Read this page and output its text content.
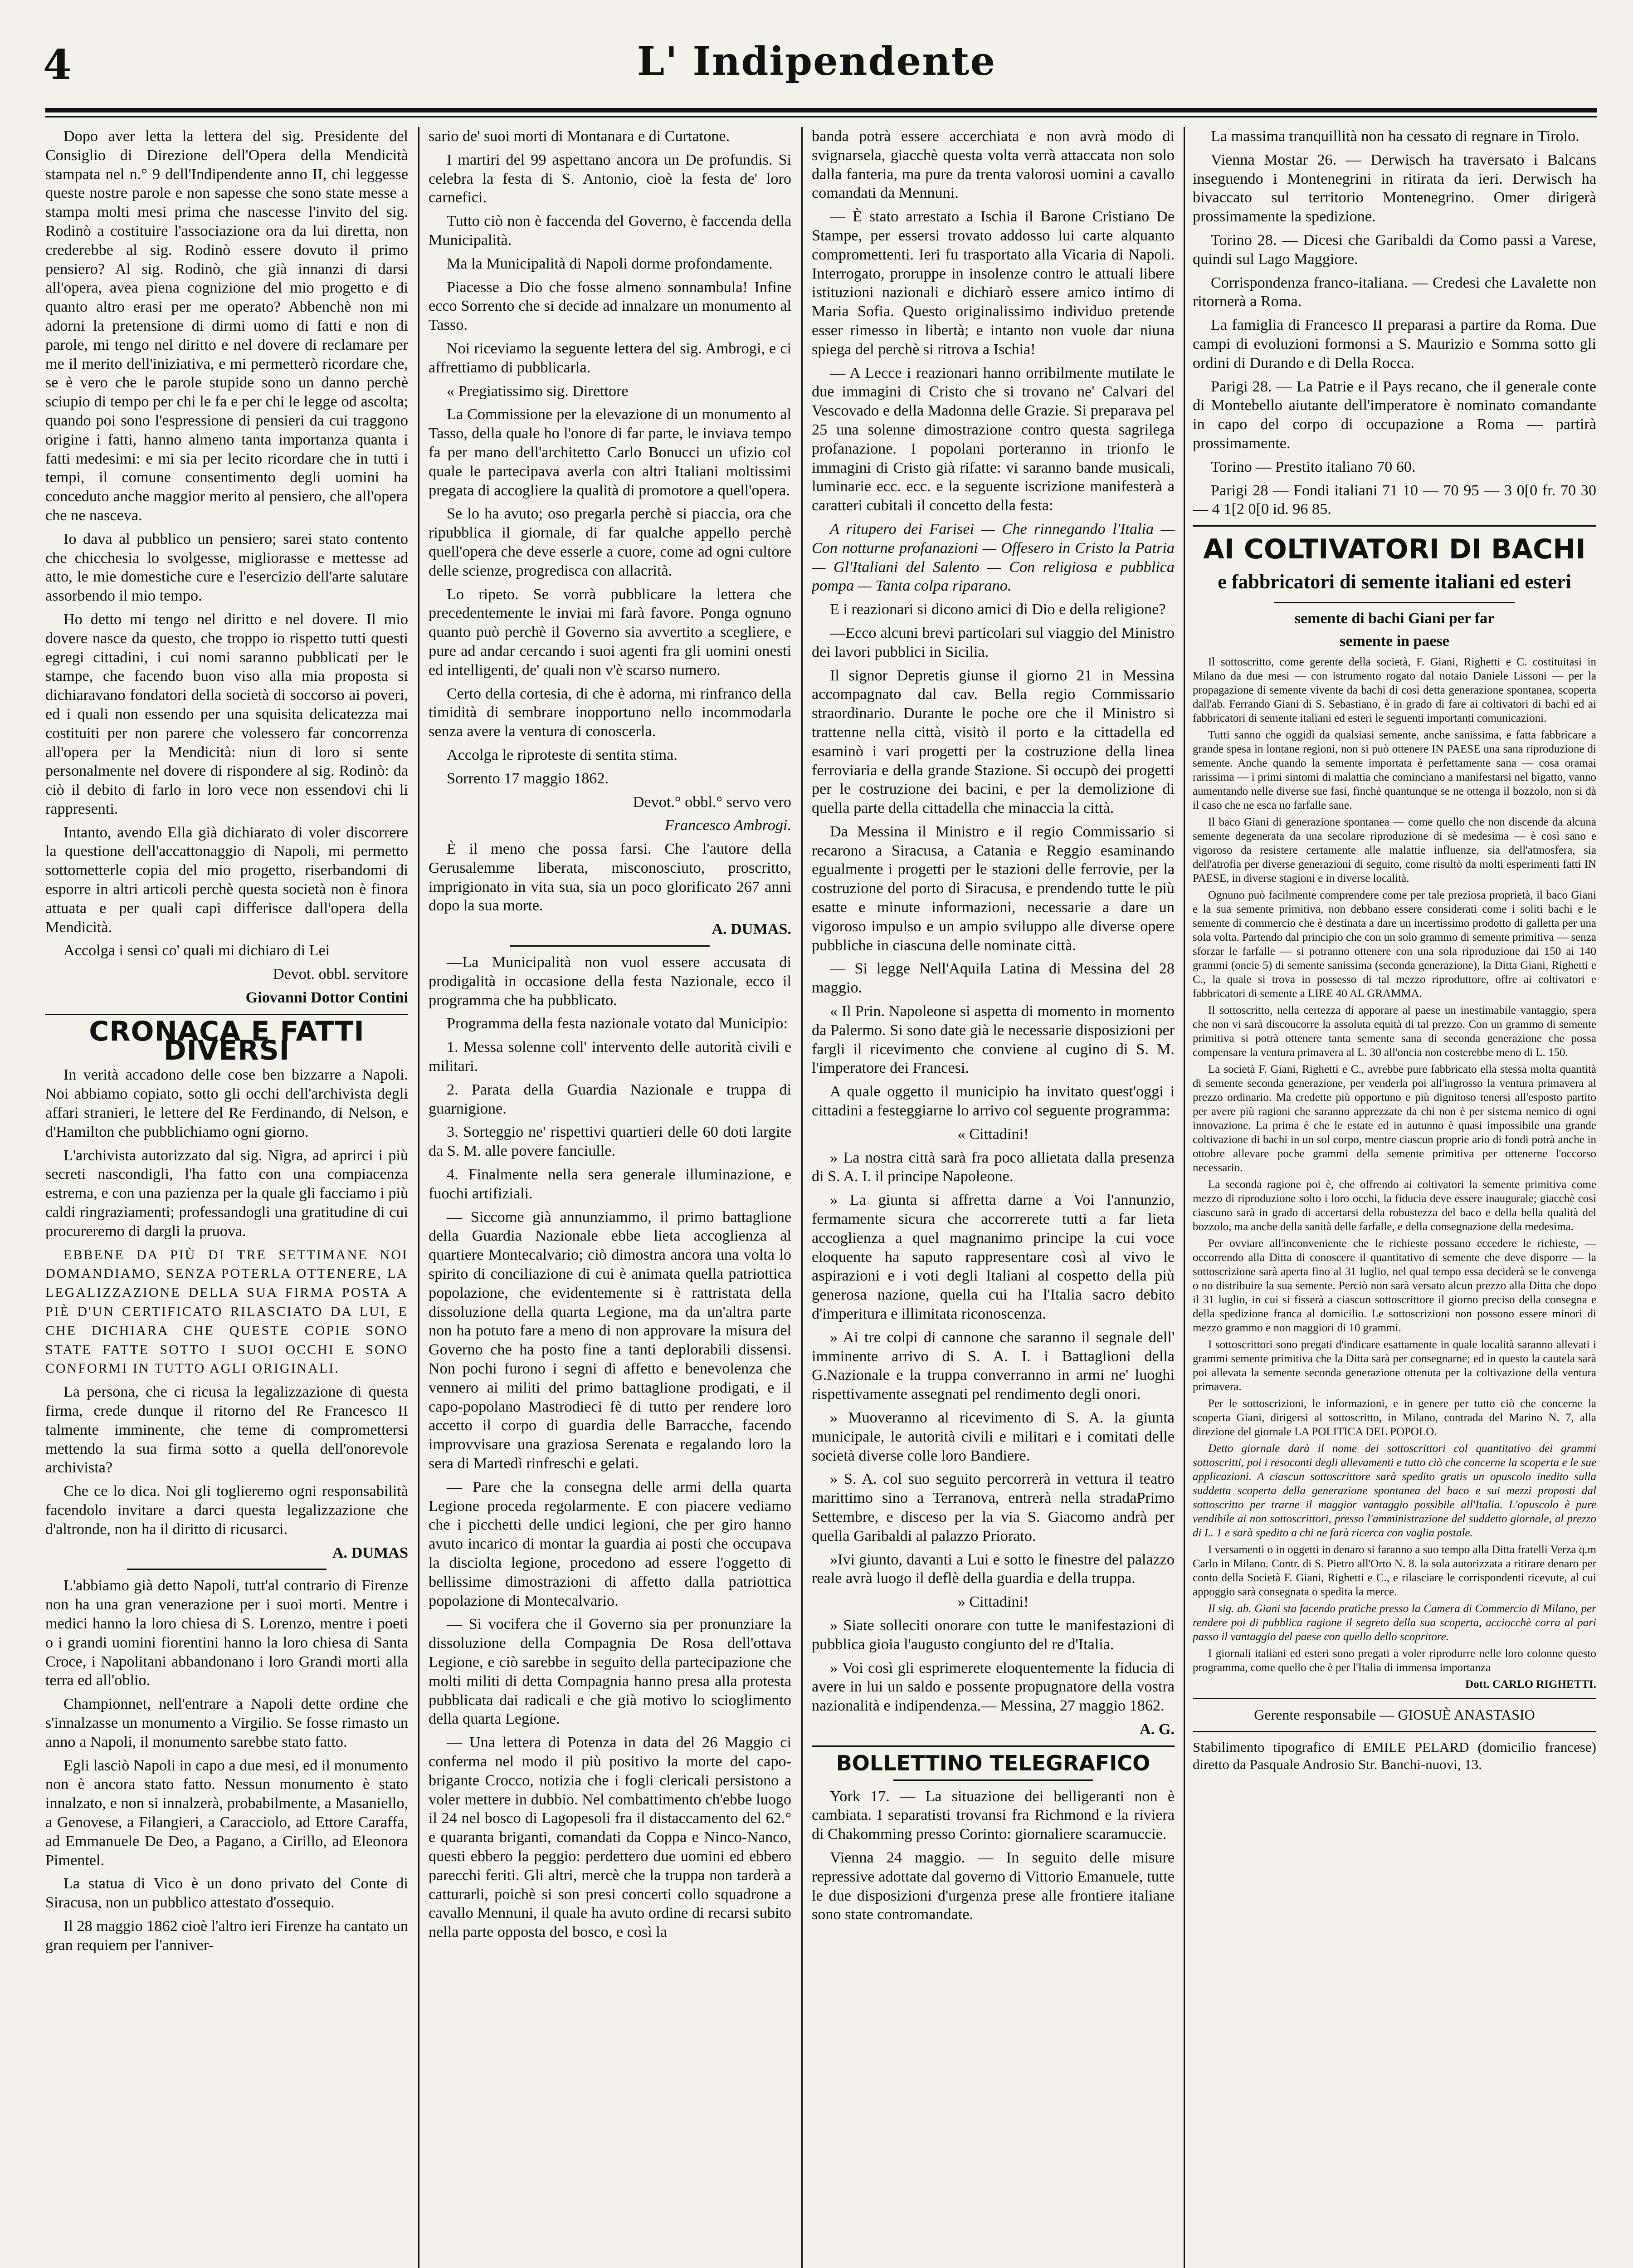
4	L' Indipendente

Dopo aver letta la lettera del sig. Presidente del Consiglio di Direzione dell'Opera della Mendicità stampata nel n.° 9 dell'Indipendente anno II, chi leggesse queste nostre parole e non sapesse che sono state messe a stampa molti mesi prima che nascesse l'invito del sig. Rodinò a costituire l'associazione ora da lui diretta, non crederebbe al sig. Rodinò essere dovuto il primo pensiero? Al sig. Rodinò, che già innanzi di darsi all'opera, avea piena cognizione del mio progetto e di quanto altro erasi per me operato? Abbenchè non mi adorni la pretensione di dirmi uomo di fatti e non di parole, mi tengo nel diritto e nel dovere di reclamare per me il merito dell'iniziativa, e mi permetterò ricordare che, se è vero che le parole stupide sono un danno perchè sciupio di tempo per chi le fa e per chi le legge od ascolta; quando poi sono l'espressione di pensieri da cui traggono origine i fatti, hanno almeno tanta importanza quanta i fatti medesimi: e mi sia per lecito ricordare che in tutti i tempi, il comune consentimento degli uomini ha conceduto anche maggior merito al pensiero, che all'opera che ne nasceva.

Io dava al pubblico un pensiero; sarei stato contento che chicchesia lo svolgesse, migliorasse e mettesse ad atto, le mie domestiche cure e l'esercizio dell'arte salutare assorbendo il mio tempo.

Ho detto mi tengo nel diritto e nel dovere. Il mio dovere nasce da questo, che troppo io rispetto tutti questi egregi cittadini, i cui nomi saranno pubblicati per le stampe, che facendo buon viso alla mia proposta si dichiaravano fondatori della società di soccorso ai poveri, ed i quali non essendo per una squisita delicatezza mai costituiti per non parere che volessero far concorrenza all'opera per la Mendicità: niun di loro si sente personalmente nel dovere di rispondere al sig. Rodinò: da ciò il debito di farlo in loro vece non essendovi chi li rappresenti.

Intanto, avendo Ella già dichiarato di voler discorrere la questione dell'accattonaggio di Napoli, mi permetto sottometterle copia del mio progetto, riserbandomi di esporre in altri articoli perchè questa società non è finora attuata e per quali capi differisce dall'opera della Mendicità.

Accolga i sensi co' quali mi dichiaro di Lei

Devot. obbl. servitore

Giovanni Dottor Contini

CRONACA E FATTI DIVERSI

In verità accadono delle cose ben bizzarre a Napoli. Noi abbiamo copiato, sotto gli occhi dell'archivista degli affari stranieri, le lettere del Re Ferdinando, di Nelson, e d'Hamilton che pubblichiamo ogni giorno.

L'archivista autorizzato dal sig. Nigra, ad aprirci i più secreti nascondigli, l'ha fatto con una compiacenza estrema, e con una pazienza per la quale gli facciamo i più caldi ringraziamenti; professandogli una gratitudine di cui procureremo di dargli la pruova.

EBBENE DA PIÙ DI TRE SETTIMANE NOI DOMANDIAMO, SENZA POTERLA OTTENERE, LA LEGALIZZAZIONE DELLA SUA FIRMA POSTA A PIÈ D'UN CERTIFICATO RILASCIATO DA LUI, E CHE DICHIARA CHE QUESTE COPIE SONO STATE FATTE SOTTO I SUOI OCCHI E SONO CONFORMI IN TUTTO AGLI ORIGINALI.

La persona, che ci ricusa la legalizzazione di questa firma, crede dunque il ritorno del Re Francesco II talmente imminente, che teme di compromettersi mettendo la sua firma sotto a quella dell'onorevole archivista?

Che ce lo dica. Noi gli toglieremo ogni responsabilità facendolo invitare a darci questa legalizzazione che d'altronde, non ha il diritto di ricusarci.

A. DUMAS

L'abbiamo già detto Napoli, tutt'al contrario di Firenze non ha una gran venerazione per i suoi morti. Mentre i medici hanno la loro chiesa di S. Lorenzo, mentre i poeti o i grandi uomini fiorentini hanno la loro chiesa di Santa Croce, i Napolitani abbandonano i loro Grandi morti alla terra ed all'oblio.

Championnet, nell'entrare a Napoli dette ordine che s'innalzasse un monumento a Virgilio. Se fosse rimasto un anno a Napoli, il monumento sarebbe stato fatto.

Egli lasciò Napoli in capo a due mesi, ed il monumento non è ancora stato fatto. Nessun monumento è stato innalzato, e non si innalzerà, probabilmente, a Masaniello, a Genovese, a Filangieri, a Caracciolo, ad Ettore Caraffa, ad Emmanuele De Deo, a Pagano, a Cirillo, ad Eleonora Pimentel.

La statua di Vico è un dono privato del Conte di Siracusa, non un pubblico attestato d'ossequio.

Il 28 maggio 1862 cioè l'altro ieri Firenze ha cantato un gran requiem per l'anniver-

sario de' suoi morti di Montanara e di Curtatone.

I martiri del 99 aspettano ancora un De profundis. Si celebra la festa di S. Antonio, cioè la festa de' loro carnefici.

Tutto ciò non è faccenda del Governo, è faccenda della Municipalità.

Ma la Municipalità di Napoli dorme profondamente.

Piacesse a Dio che fosse almeno sonnambula! Infine ecco Sorrento che si decide ad innalzare un monumento al Tasso.

Noi riceviamo la seguente lettera del sig. Ambrogi, e ci affrettiamo di pubblicarla.

« Pregiatissimo sig. Direttore

La Commissione per la elevazione di un monumento al Tasso, della quale ho l'onore di far parte, le inviava tempo fa per mano dell'architetto Carlo Bonucci un ufizio col quale le partecipava averla con altri Italiani moltissimi pregata di accogliere la qualità di promotore a quell'opera.

Se lo ha avuto; oso pregarla perchè si piaccia, ora che ripubblica il giornale, di far qualche appello perchè quell'opera che deve esserle a cuore, come ad ogni cultore delle scienze, progredisca con allacrità.

Lo ripeto. Se vorrà pubblicare la lettera che precedentemente le inviai mi farà favore. Ponga ognuno quanto può perchè il Governo sia avvertito a scegliere, e pure ad andar cercando i suoi agenti fra gli uomini onesti ed intelligenti, de' quali non v'è scarso numero.

Certo della cortesia, di che è adorna, mi rinfranco della timidità di sembrare inopportuno nello incommodarla senza avere la ventura di conoscerla.

Accolga le riproteste di sentita stima.

Sorrento 17 maggio 1862.

Devot.° obbl.° servo vero

Francesco Ambrogi.

È il meno che possa farsi. Che l'autore della Gerusalemme liberata, misconosciuto, proscritto, imprigionato in vita sua, sia un poco glorificato 267 anni dopo la sua morte.

A. DUMAS.

—La Municipalità non vuol essere accusata di prodigalità in occasione della festa Nazionale, ecco il programma che ha pubblicato.

Programma della festa nazionale votato dal Municipio:

1. Messa solenne coll' intervento delle autorità civili e militari.

2. Parata della Guardia Nazionale e truppa di guarnigione.

3. Sorteggio ne' rispettivi quartieri delle 60 doti largite da S. M. alle povere fanciulle.

4. Finalmente nella sera generale illuminazione, e fuochi artifiziali.

— Siccome già annunziammo, il primo battaglione della Guardia Nazionale ebbe lieta accoglienza al quartiere Montecalvario; ciò dimostra ancora una volta lo spirito di conciliazione di cui è animata quella patriottica popolazione, che evidentemente si è rattristata della dissoluzione della quarta Legione, ma da un'altra parte non ha potuto fare a meno di non approvare la misura del Governo che ha posto fine a tanti deplorabili dissensi. Non pochi furono i segni di affetto e benevolenza che vennero ai militi del primo battaglione prodigati, e il capo-popolano Mastrodieci fè di tutto per rendere loro accetto il corpo di guardia delle Barracche, facendo improvvisare una graziosa Serenata e regalando loro la sera di Martedì rinfreschi e gelati.

— Pare che la consegna delle armi della quarta Legione proceda regolarmente. E con piacere vediamo che i picchetti delle undici legioni, che per giro hanno avuto incarico di montar la guardia ai posti che occupava la disciolta legione, procedono ad essere l'oggetto di bellissime dimostrazioni di affetto dalla patriottica popolazione di Montecalvario.

— Si vocifera che il Governo sia per pronunziare la dissoluzione della Compagnia De Rosa dell'ottava Legione, e ciò sarebbe in seguito della partecipazione che molti militi di detta Compagnia hanno presa alla protesta pubblicata dai radicali e che già motivo lo scioglimento della quarta Legione.

— Una lettera di Potenza in data del 26 Maggio ci conferma nel modo il più positivo la morte del capo-brigante Crocco, notizia che i fogli clericali persistono a voler mettere in dubbio. Nel combattimento ch'ebbe luogo il 24 nel bosco di Lagopesoli fra il distaccamento del 62.° e quaranta briganti, comandati da Coppa e Ninco-Nanco, questi ebbero la peggio: perdettero due uomini ed ebbero parecchi feriti. Gli altri, mercè che la truppa non tarderà a catturarli, poichè si son presi concerti collo squadrone a cavallo Mennuni, il quale ha avuto ordine di recarsi subito nella parte opposta del bosco, e così la

banda potrà essere accerchiata e non avrà modo di svignarsela, giacchè questa volta verrà attaccata non solo dalla fanteria, ma pure da trenta valorosi uomini a cavallo comandati da Mennuni.

— È stato arrestato a Ischia il Barone Cristiano De Stampe, per essersi trovato addosso lui carte alquanto compromettenti. Ieri fu trasportato alla Vicaria di Napoli. Interrogato, proruppe in insolenze contro le attuali libere istituzioni nazionali e dichiarò essere amico intimo di Maria Sofia. Questo originalissimo individuo pretende esser rimesso in libertà; e intanto non vuole dar niuna spiega del perchè si ritrova a Ischia!

— A Lecce i reazionari hanno orribilmente mutilate le due immagini di Cristo che si trovano ne' Calvari del Vescovado e della Madonna delle Grazie. Si preparava pel 25 una solenne dimostrazione contro questa sagrilega profanazione. I popolani porteranno in trionfo le immagini di Cristo già rifatte: vi saranno bande musicali, luminarie ecc. ecc. e la seguente iscrizione manifesterà a caratteri cubitali il concetto della festa:

A ritupero dei Farisei — Che rinnegando l'Italia — Con notturne profanazioni — Offesero in Cristo la Patria — Gl'Italiani del Salento — Con religiosa e pubblica pompa — Tanta colpa riparano.

E i reazionari si dicono amici di Dio e della religione?

—Ecco alcuni brevi particolari sul viaggio del Ministro dei lavori pubblici in Sicilia.

Il signor Depretis giunse il giorno 21 in Messina accompagnato dal cav. Bella regio Commissario straordinario. Durante le poche ore che il Ministro si trattenne nella città, visitò il porto e la cittadella ed esaminò i vari progetti per la costruzione della linea ferroviaria e della grande Stazione. Si occupò dei progetti per le costruzione dei bacini, e per la demolizione di quella parte della cittadella che minaccia la città.

Da Messina il Ministro e il regio Commissario si recarono a Siracusa, a Catania e Reggio esaminando egualmente i progetti per le stazioni delle ferrovie, per la costruzione del porto di Siracusa, e prendendo tutte le più esatte e minute informazioni, necessarie a dare un vigoroso impulso e un ampio sviluppo alle diverse opere pubbliche in ciascuna delle nominate città.

— Si legge Nell'Aquila Latina di Messina del 28 maggio.

« Il Prin. Napoleone si aspetta di momento in momento da Palermo. Si sono date già le necessarie disposizioni per fargli il ricevimento che conviene al cugino di S. M. l'imperatore dei Francesi.

A quale oggetto il municipio ha invitato quest'oggi i cittadini a festeggiarne lo arrivo col seguente programma:

« Cittadini!

» La nostra città sarà fra poco allietata dalla presenza di S. A. I. il principe Napoleone.

» La giunta si affretta darne a Voi l'annunzio, fermamente sicura che accorrerete tutti a far lieta accoglienza a quel magnanimo principe la cui voce eloquente ha saputo rappresentare così al vivo le aspirazioni e i voti degli Italiani al cospetto della più generosa nazione, quella cui ha l'Italia sacro debito d'imperitura e illimitata riconoscenza.

» Ai tre colpi di cannone che saranno il segnale dell' imminente arrivo di S. A. I. i Battaglioni della G.Nazionale e la truppa converranno in armi ne' luoghi rispettivamente assegnati pel rendimento degli onori.

» Muoveranno al ricevimento di S. A. la giunta municipale, le autorità civili e militari e i comitati delle società diverse colle loro Bandiere.

» S. A. col suo seguito percorrerà in vettura il teatro marittimo sino a Terranova, entrerà nella stradaPrimo Settembre, e disceso per la via S. Giacomo andrà per quella Garibaldi al palazzo Priorato.

»Ivi giunto, davanti a Lui e sotto le finestre del palazzo reale avrà luogo il deflè della guardia e della truppa.

» Cittadini!

» Siate solleciti onorare con tutte le manifestazioni di pubblica gioia l'augusto congiunto del re d'Italia.

» Voi così gli esprimerete eloquentemente la fiducia di avere in lui un saldo e possente propugnatore della vostra nazionalità e indipendenza.— Messina, 27 maggio 1862.

A. G.

BOLLETTINO TELEGRAFICO

York 17. — La situazione dei belligeranti non è cambiata. I separatisti trovansi fra Richmond e la riviera di Chakomming presso Corinto: giornaliere scaramuccie.

Vienna 24 maggio. — In seguito delle misure repressive adottate dal governo di Vittorio Emanuele, tutte le due disposizioni d'urgenza prese alle frontiere italiane sono state contromandate.

La massima tranquillità non ha cessato di regnare in Tirolo.

Vienna Mostar 26. — Derwisch ha traversato i Balcans inseguendo i Montenegrini in ritirata da ieri. Derwisch ha bivaccato sul territorio Montenegrino. Omer dirigerà prossimamente la spedizione.

Torino 28. — Dicesi che Garibaldi da Como passi a Varese, quindi sul Lago Maggiore.

Corrispondenza franco-italiana. — Credesi che Lavalette non ritornerà a Roma.

La famiglia di Francesco II preparasi a partire da Roma. Due campi di evoluzioni formonsi a S. Maurizio e Somma sotto gli ordini di Durando e di Della Rocca.

Parigi 28. — La Patrie e il Pays recano, che il generale conte di Montebello aiutante dell'imperatore è nominato comandante in capo del corpo di occupazione a Roma — partirà prossimamente.

Torino — Prestito italiano 70 60.

Parigi 28 — Fondi italiani 71 10 — 70 95 — 3 0[0 fr. 70 30 — 4 1[2 0[0 id. 96 85.

AI COLTIVATORI DI BACHI
e fabbricatori di semente italiani ed esteri
semente di bachi Giani per far
semente in paese

Il sottoscritto, come gerente della società, F. Giani, Righetti e C. costituitasi in Milano da due mesi — con istrumento rogato dal notaio Daniele Lissoni — per la propagazione di semente vivente da bachi di così detta generazione spontanea, scoperta dall'ab. Ferrando Giani di S. Sebastiano, è in grado di fare ai coltivatori di bachi ed ai fabbricatori di semente italiani ed esteri le seguenti importanti comunicazioni.

Tutti sanno che oggidì da qualsiasi semente, anche sanissima, e fatta fabbricare a grande spesa in lontane regioni, non si può ottenere IN PAESE una sana riproduzione di semente. Anche quando la semente importata è perfettamente sana — cosa oramai rarissima — i primi sintomi di malattia che cominciano a manifestarsi nel bigatto, vanno aumentando nelle diverse sue fasi, finchè quantunque se ne ottenga il bozzolo, non si dà il caso che ne esca no farfalle sane.

Il baco Giani di generazione spontanea — come quello che non discende da alcuna semente degenerata da una secolare riproduzione di sè medesima — è così sano e vigoroso da resistere certamente alle malattie influenze, sia dell'atmosfera, sia dell'atrofia per diverse generazioni di seguito, come risultò da molti esperimenti fatti IN PAESE, in diverse stagioni e in diverse località.

Ognuno può facilmente comprendere come per tale preziosa proprietà, il baco Giani e la sua semente primitiva, non debbano essere considerati come i soliti bachi e le semente di commercio che è destinata a dare un incertissimo prodotto di galletta per una sola volta. Partendo dal principio che con un solo grammo di semente primitiva — senza sforzar le farfalle — si potranno ottenere con una sola riproduzione dai 150 ai 140 grammi (oncie 5) di semente sanissima (seconda generazione), la Ditta Giani, Righetti e C., la quale si trova in possesso di tal mezzo riproduttore, offre ai coltivatori e fabbricatori di semente a LIRE 40 AL GRAMMA.

Il sottoscritto, nella certezza di apporare al paese un inestimabile vantaggio, spera che non vi sarà discoucorre la assoluta equità di tal prezzo. Con un grammo di semente primitiva si potrà ottenere tanta semente sana di seconda generazione che possa compensare la ventura primavera al L. 30 all'oncia non costerebbe meno di L. 150.

La società F. Giani, Righetti e C., avrebbe pure fabbricato ella stessa molta quantità di semente seconda generazione, per venderla poi all'ingrosso la ventura primavera al prezzo ordinario. Ma credette più opportuno e più dignitoso tenersi all'esposto partito per avere più ragioni che saranno apprezzate da chi non è per sistema nemico di ogni innovazione. La prima è che le estate ed in autunno è quasi impossibile una grande coltivazione di bachi in un sol corpo, mentre ciascun proprie ario di fondi potrà anche in ottobre allevare poche grammi della semente primitiva per ottenerne l'occorso necessario.

La seconda ragione poi è, che offrendo ai coltivatori la semente primitiva come mezzo di riproduzione solto i loro occhi, la fiducia deve essere inaugurale; giacchè così ciascuno sarà in grado di accertarsi della robustezza del baco e della bella qualità del bozzolo, ma anche della sanità delle farfalle, e della consegnazione della medesima.

Per ovviare all'inconveniente che le richieste possano eccedere le richieste, — occorrendo alla Ditta di conoscere il quantitativo di semente che deve disporre — la sottoscrizione sarà aperta fino al 31 luglio, nel qual tempo essa deciderà se le convenga o no distribuire la sua semente. Perciò non sarà versato alcun prezzo alla Ditta che dopo il 31 luglio, in cui si fisserà a ciascun sottoscrittore il giorno preciso della consegna e della spedizione franca al domicilio. Le sottoscrizioni non possono essere minori di mezzo grammo e non maggiori di 10 grammi.

I sottoscrittori sono pregati d'indicare esattamente in quale località saranno allevati i grammi semente primitiva che la Ditta sarà per consegnarne; ed in questo la cautela sarà poi allevata la semente seconda generazione ottenuta per la coltivazione della ventura primavera.

Per le sottoscrizioni, le informazioni, e in genere per tutto ciò che concerne la scoperta Giani, dirigersi al sottoscritto, in Milano, contrada del Marino N. 7, alla direzione del giornale LA POLITICA DEL POPOLO.

Detto giornale darà il nome dei sottoscrittori col quantitativo dei grammi sottoscritti, poi i resoconti degli allevamenti e tutto ciò che concerne la scoperta e le sue applicazioni. A ciascun sottoscrittore sarà spedito gratis un opuscolo inedito sulla suddetta scoperta della generazione spontanea del baco e sui mezzi proposti dal sottoscritto per trarne il maggior vantaggio possibile all'Italia. L'opuscolo è pure vendibile ai non sottoscrittori, presso l'amministrazione del suddetto giornale, al prezzo di L. 1 e sarà spedito a chi ne farà ricerca con vaglia postale.

I versamenti o in oggetti in denaro si faranno a suo tempo alla Ditta fratelli Verza q.m Carlo in Milano. Contr. di S. Pietro all'Orto N. 8. la sola autorizzata a ritirare denaro per conto della Società F. Giani, Righetti e C., e rilasciare le corrispondenti ricevute, al cui appoggio sarà consegnata o spedita la merce.

Il sig. ab. Giani sta facendo pratiche presso la Camera di Commercio di Milano, per rendere poi di pubblica ragione il segreto della sua scoperta, acciocchè corra al pari passo il vantaggio del paese con quello dello scopritore.

I giornali italiani ed esteri sono pregati a voler riprodurre nelle loro colonne questo programma, come quello che è per l'Italia di immensa importanza

Dott. CARLO RIGHETTI.

Gerente responsabile — GIOSUÈ ANASTASIO

Stabilimento tipografico di EMILE PELARD (domicilio francese) diretto da Pasquale Androsio Str. Banchi-nuovi, 13.
